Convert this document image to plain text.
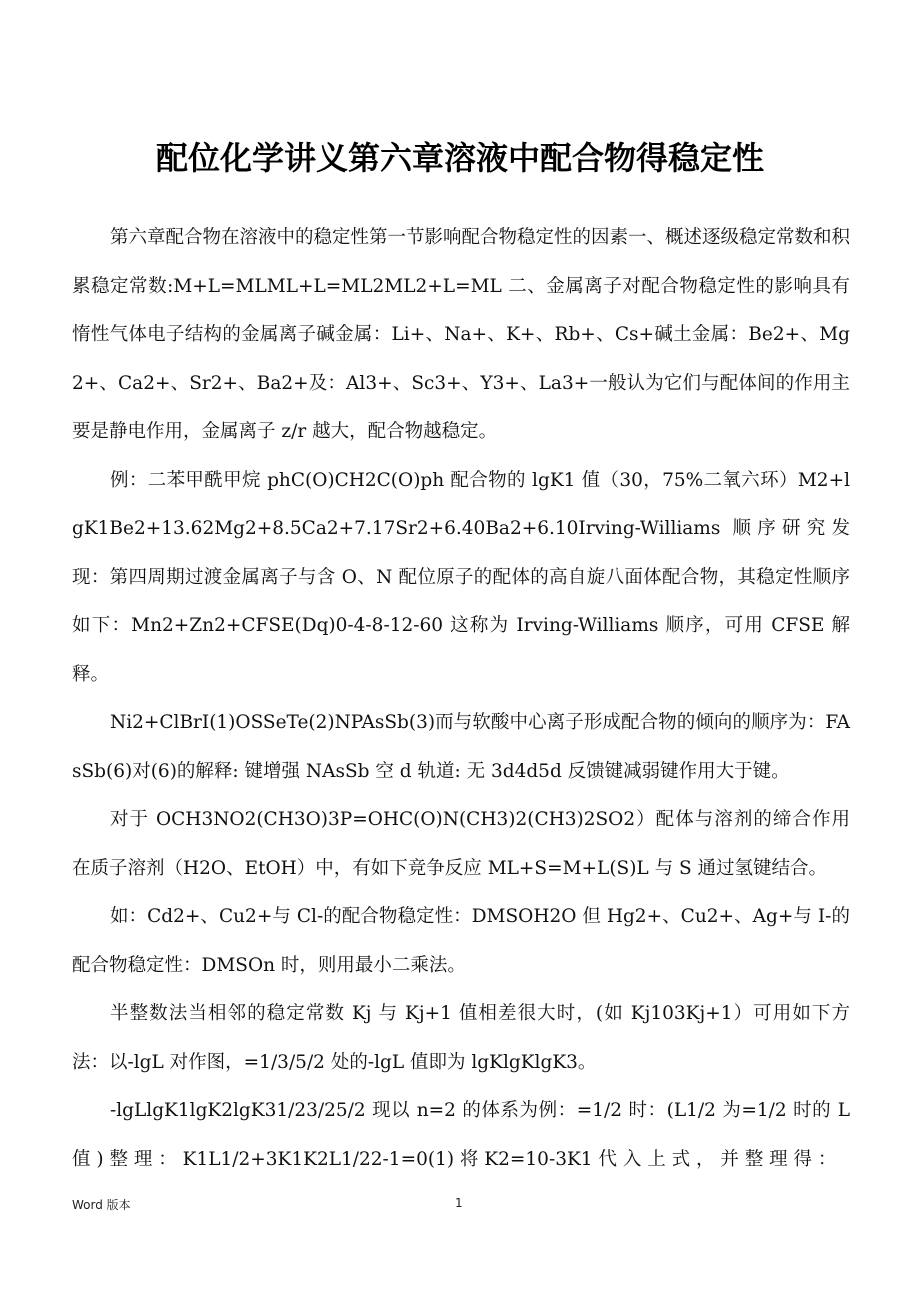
配位化学讲义第六章溶液中配合物得稳定性

第六章配合物在溶液中的稳定性第一节影响配合物稳定性的因素一、概述逐级稳定常数和积累稳定常数:M+L=MLML+L=ML2ML2+L=ML 二、金属离子对配合物稳定性的影响具有惰性气体电子结构的金属离子碱金属：Li+、Na+、K+、Rb+、Cs+碱土金属：Be2+、Mg2+、Ca2+、Sr2+、Ba2+及：Al3+、Sc3+、Y3+、La3+一般认为它们与配体间的作用主要是静电作用，金属离子 z/r 越大，配合物越稳定。

例：二苯甲酰甲烷 phC(O)CH2C(O)ph 配合物的 lgK1 值（30，75%二氧六环）M2+lgK1Be2+13.62Mg2+8.5Ca2+7.17Sr2+6.40Ba2+6.10Irving-Williams 顺序研究发现：第四周期过渡金属离子与含 O、N 配位原子的配体的高自旋八面体配合物，其稳定性顺序如下：Mn2+Zn2+CFSE(Dq)0-4-8-12-60 这称为 Irving-Williams 顺序，可用 CFSE 解释。

Ni2+ClBrI(1)OSSeTe(2)NPAsSb(3)而与软酸中心离子形成配合物的倾向的顺序为：FAsSb(6)对(6)的解释: 键增强 NAsSb 空 d 轨道: 无 3d4d5d 反馈键减弱键作用大于键。

对于 OCH3NO2(CH3O)3P=OHC(O)N(CH3)2(CH3)2SO2）配体与溶剂的缔合作用在质子溶剂（H2O、EtOH）中，有如下竞争反应 ML+S=M+L(S)L 与 S 通过氢键结合。

如：Cd2+、Cu2+与 Cl-的配合物稳定性：DMSOH2O 但 Hg2+、Cu2+、Ag+与 I-的配合物稳定性：DMSOn 时，则用最小二乘法。

半整数法当相邻的稳定常数 Kj 与 Kj+1 值相差很大时，(如 Kj103Kj+1）可用如下方法：以-lgL 对作图，=1/3/5/2 处的-lgL 值即为 lgKlgKlgK3。

-lgLlgK1lgK2lgK31/23/25/2 现以 n=2 的体系为例：=1/2 时：(L1/2 为=1/2 时的 L 值 ) 整 理 ： K1L1/2+3K1K2L1/22-1=0(1) 将 K2=10-3K1 代 入 上 式 ， 并 整 理 得 ：

Word 版本	1
